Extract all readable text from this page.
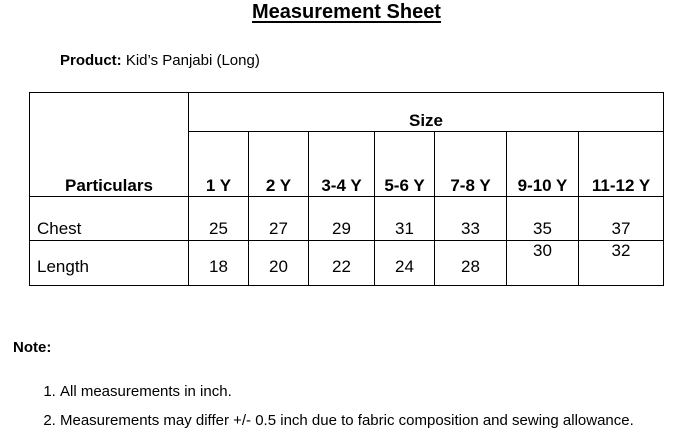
Measurement Sheet
Product: Kid’s Panjabi (Long)
Particulars	Size						
	1 Y	2 Y	3-4 Y	5-6 Y	7-8 Y	9-10 Y	11-12 Y
Chest	25	27	29	31	33	35	37
Length	18	20	22	24	28	30	32
Note:
1. All measurements in inch.
2. Measurements may differ +/- 0.5 inch due to fabric composition and sewing allowance.
